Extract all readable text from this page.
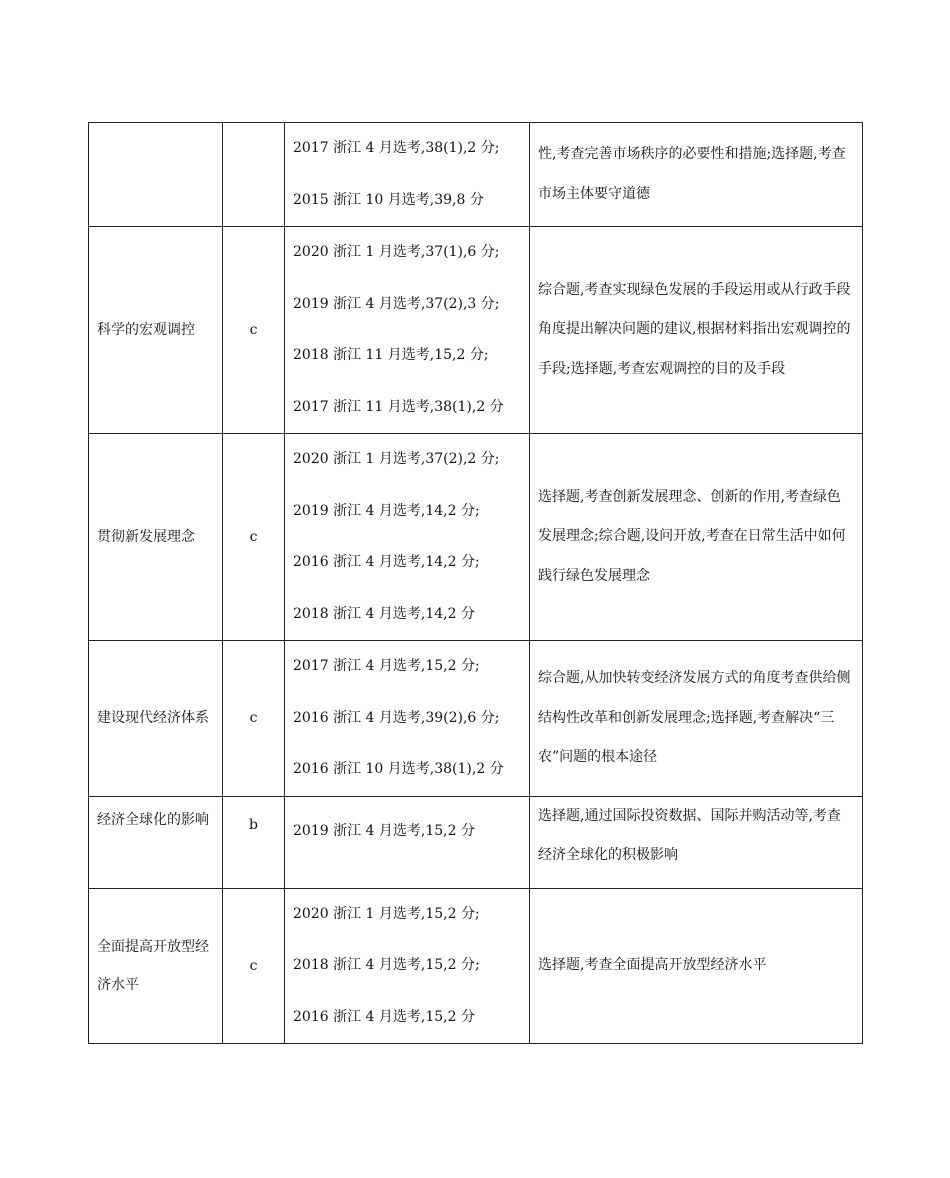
		2017 浙江 4 月选考,38(1),2 分;
2015 浙江 10 月选考,39,8 分	性,考查完善市场秩序的必要性和措施;选择题,考查市场主体要守道德
科学的宏观调控	c	2020 浙江 1 月选考,37(1),6 分;
2019 浙江 4 月选考,37(2),3 分;
2018 浙江 11 月选考,15,2 分;
2017 浙江 11 月选考,38(1),2 分	综合题,考查实现绿色发展的手段运用或从行政手段角度提出解决问题的建议,根据材料指出宏观调控的手段;选择题,考查宏观调控的目的及手段
贯彻新发展理念	c	2020 浙江 1 月选考,37(2),2 分;
2019 浙江 4 月选考,14,2 分;
2016 浙江 4 月选考,14,2 分;
2018 浙江 4 月选考,14,2 分	选择题,考查创新发展理念、创新的作用,考查绿色发展理念;综合题,设问开放,考查在日常生活中如何践行绿色发展理念
建设现代经济体系	c	2017 浙江 4 月选考,15,2 分;
2016 浙江 4 月选考,39(2),6 分;
2016 浙江 10 月选考,38(1),2 分	综合题,从加快转变经济发展方式的角度考查供给侧结构性改革和创新发展理念;选择题,考查解决“三农”问题的根本途径
经济全球化的影响	b	2019 浙江 4 月选考,15,2 分	选择题,通过国际投资数据、国际并购活动等,考查经济全球化的积极影响
全面提高开放型经济水平	c	2020 浙江 1 月选考,15,2 分;
2018 浙江 4 月选考,15,2 分;
2016 浙江 4 月选考,15,2 分	选择题,考查全面提高开放型经济水平
